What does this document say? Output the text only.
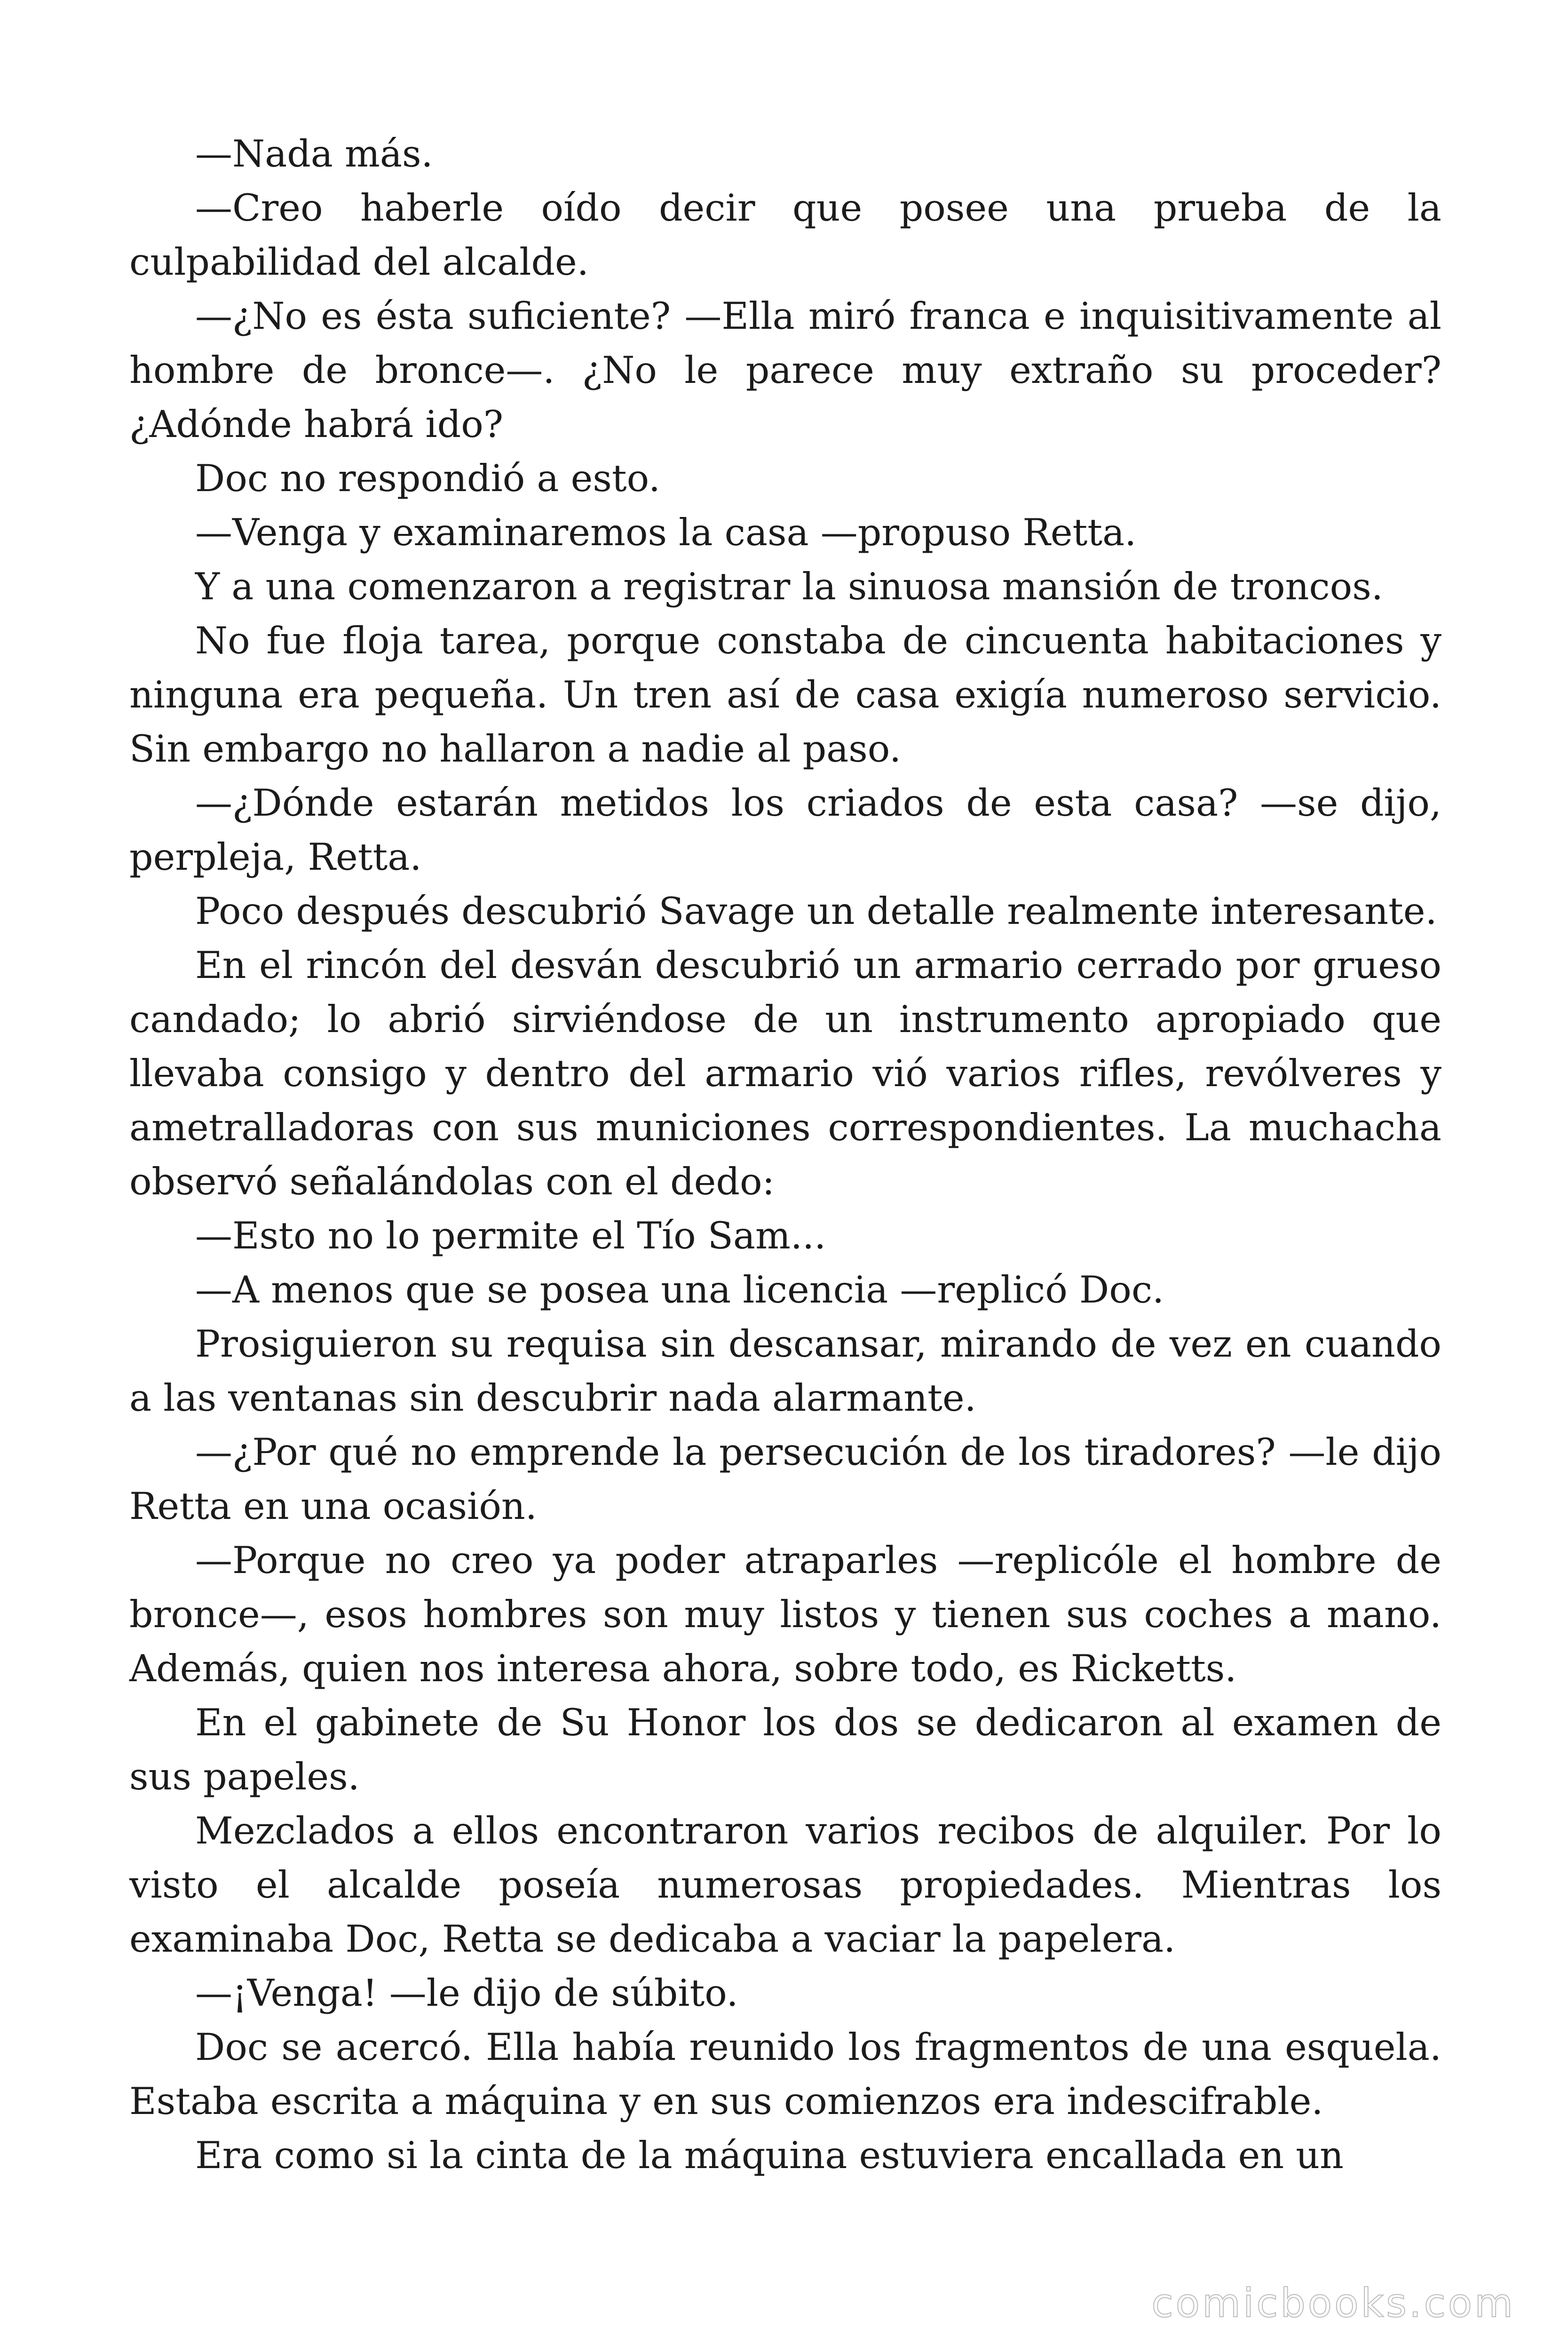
—Nada más.

—Creo haberle oído decir que posee una prueba de la culpabilidad del alcalde.

—¿No es ésta suficiente? —Ella miró franca e inquisitivamente al hombre de bronce—. ¿No le parece muy extraño su proceder? ¿Adónde habrá ido?

Doc no respondió a esto.

—Venga y examinaremos la casa —propuso Retta.

Y a una comenzaron a registrar la sinuosa mansión de troncos.

No fue floja tarea, porque constaba de cincuenta habitaciones y ninguna era pequeña. Un tren así de casa exigía numeroso servicio. Sin embargo no hallaron a nadie al paso.

—¿Dónde estarán metidos los criados de esta casa? —se dijo, perpleja, Retta.

Poco después descubrió Savage un detalle realmente interesante.

En el rincón del desván descubrió un armario cerrado por grueso candado; lo abrió sirviéndose de un instrumento apropiado que llevaba consigo y dentro del armario vió varios rifles, revólveres y ametralladoras con sus municiones correspondientes. La muchacha observó señalándolas con el dedo:

—Esto no lo permite el Tío Sam...

—A menos que se posea una licencia —replicó Doc.

Prosiguieron su requisa sin descansar, mirando de vez en cuando a las ventanas sin descubrir nada alarmante.

—¿Por qué no emprende la persecución de los tiradores? —le dijo Retta en una ocasión.

—Porque no creo ya poder atraparles —replicóle el hombre de bronce—, esos hombres son muy listos y tienen sus coches a mano. Además, quien nos interesa ahora, sobre todo, es Ricketts.

En el gabinete de Su Honor los dos se dedicaron al examen de sus papeles.

Mezclados a ellos encontraron varios recibos de alquiler. Por lo visto el alcalde poseía numerosas propiedades. Mientras los examinaba Doc, Retta se dedicaba a vaciar la papelera.

—¡Venga! —le dijo de súbito.

Doc se acercó. Ella había reunido los fragmentos de una esquela. Estaba escrita a máquina y en sus comienzos era indescifrable.

Era como si la cinta de la máquina estuviera encallada en un

comicbooks.com
